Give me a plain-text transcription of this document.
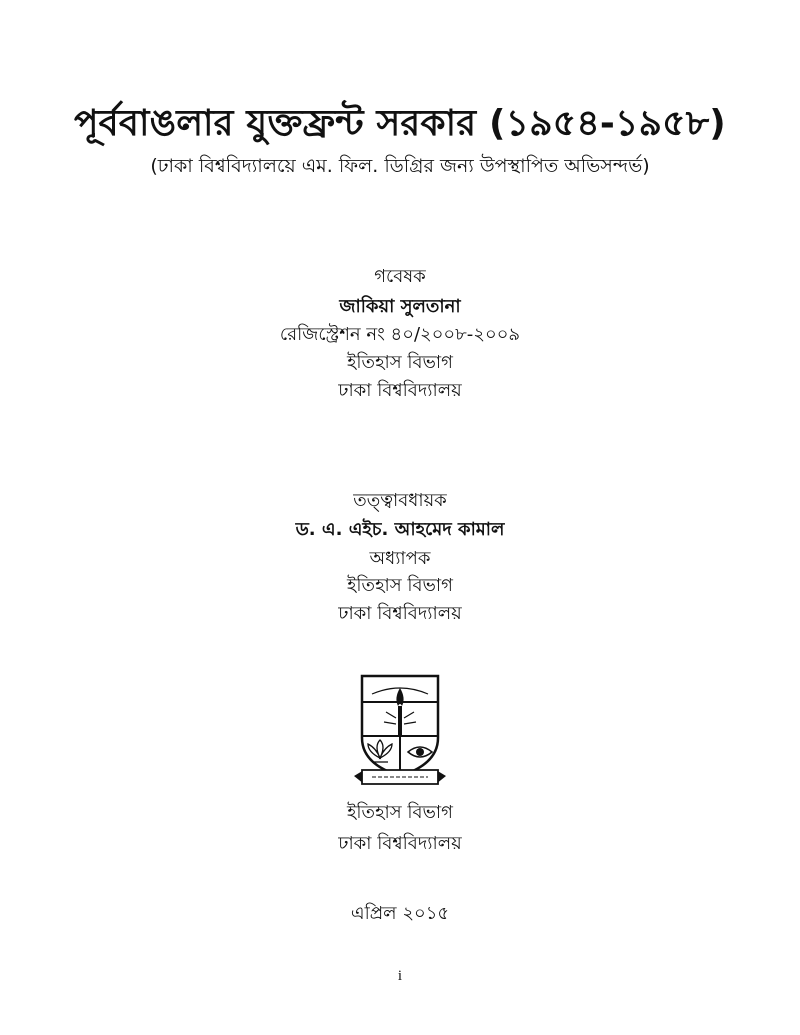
পূর্ববাঙলার যুক্তফ্রন্ট সরকার (১৯৫৪-১৯৫৮)
(ঢাকা বিশ্ববিদ্যালয়ে এম. ফিল. ডিগ্রির জন্য উপস্থাপিত অভিসন্দর্ভ)
গবেষক
জাকিয়া সুলতানা
রেজিস্ট্রেশন নং ৪০/২০০৮-২০০৯
ইতিহাস বিভাগ
ঢাকা বিশ্ববিদ্যালয়
তত্ত্বাবধায়ক
ড. এ. এইচ. আহমেদ কামাল
অধ্যাপক
ইতিহাস বিভাগ
ঢাকা বিশ্ববিদ্যালয়
ইতিহাস বিভাগ
ঢাকা বিশ্ববিদ্যালয়
এপ্রিল ২০১৫
i
